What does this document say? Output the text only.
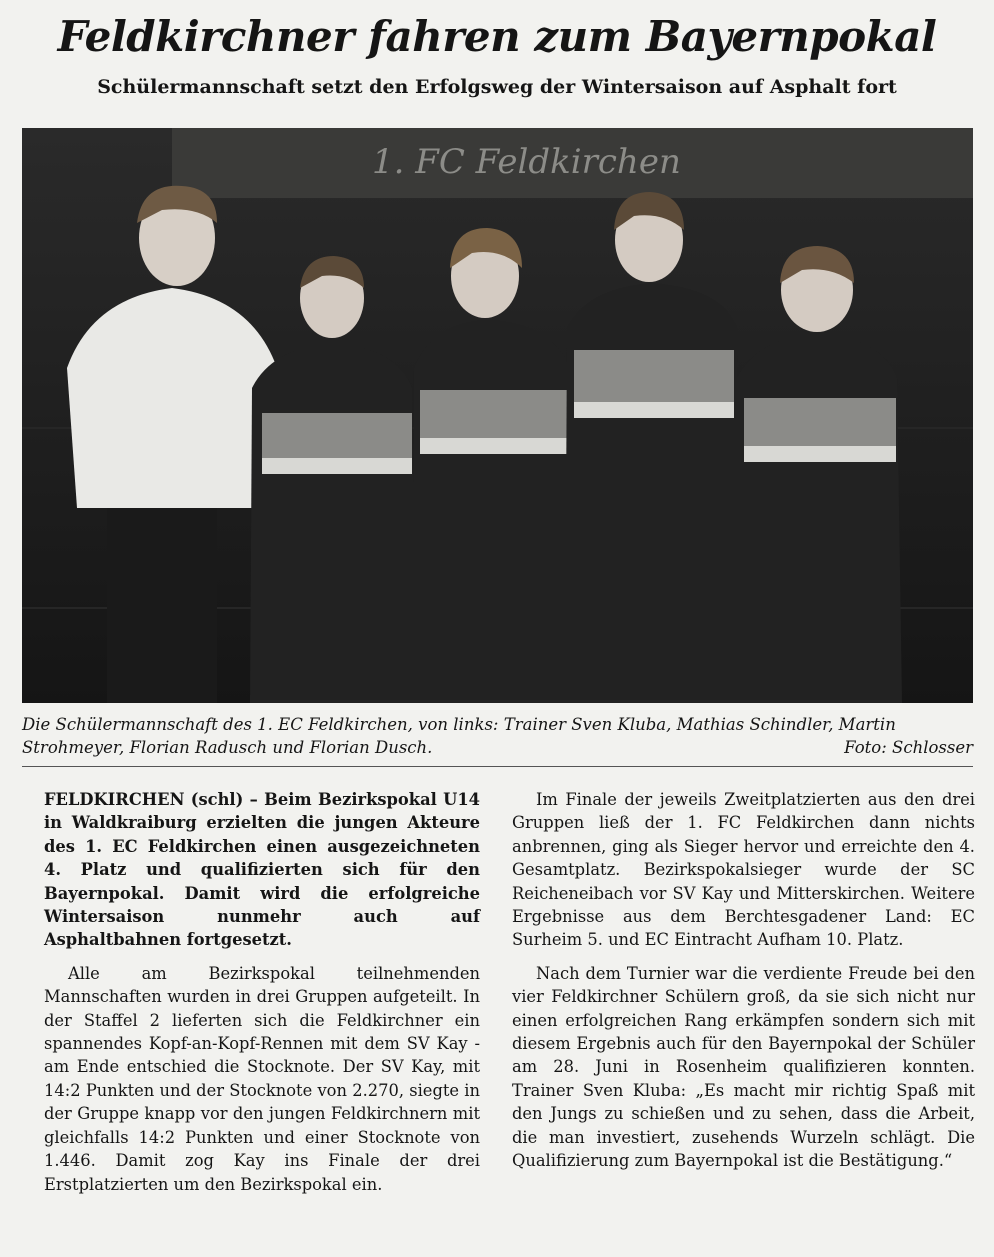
Feldkirchner fahren zum Bayernpokal
Schülermannschaft setzt den Erfolgsweg der Wintersaison auf Asphalt fort
1. FC Feldkirchen

Die Schülermannschaft des 1. EC Feldkirchen, von links: Trainer Sven Kluba, Mathias Schindler, Martin Strohmeyer, Florian Radusch und Florian Dusch.	Foto: Schlosser

FELDKIRCHEN (schl) – Beim Bezirkspokal U14 in Waldkraiburg erzielten die jungen Akteure des 1. EC Feldkirchen einen ausgezeichneten 4. Platz und qualifizierten sich für den Bayernpokal. Damit wird die erfolgreiche Wintersaison nunmehr auch auf Asphaltbahnen fortgesetzt.

Alle am Bezirkspokal teilnehmenden Mannschaften wurden in drei Gruppen aufgeteilt. In der Staffel 2 lieferten sich die Feldkirchner ein spannendes Kopf-an-Kopf-Rennen mit dem SV Kay - am Ende entschied die Stocknote. Der SV Kay, mit 14:2 Punkten und der Stocknote von 2.270, siegte in der Gruppe knapp vor den jungen Feldkirchnern mit gleichfalls 14:2 Punkten und einer Stocknote von 1.446. Damit zog Kay ins Finale der drei Erstplatzierten um den Bezirkspokal ein.

Im Finale der jeweils Zweitplatzierten aus den drei Gruppen ließ der 1. FC Feldkirchen dann nichts anbrennen, ging als Sieger hervor und erreichte den 4. Gesamtplatz. Bezirkspokalsieger wurde der SC Reicheneibach vor SV Kay und Mitterskirchen. Weitere Ergebnisse aus dem Berchtesgadener Land: EC Surheim 5. und EC Eintracht Aufham 10. Platz.

Nach dem Turnier war die verdiente Freude bei den vier Feldkirchner Schülern groß, da sie sich nicht nur einen erfolgreichen Rang erkämpfen sondern sich mit diesem Ergebnis auch für den Bayernpokal der Schüler am 28. Juni in Rosenheim qualifizieren konnten. Trainer Sven Kluba: „Es macht mir richtig Spaß mit den Jungs zu schießen und zu sehen, dass die Arbeit, die man investiert, zusehends Wurzeln schlägt. Die Qualifizierung zum Bayernpokal ist die Bestätigung.“
